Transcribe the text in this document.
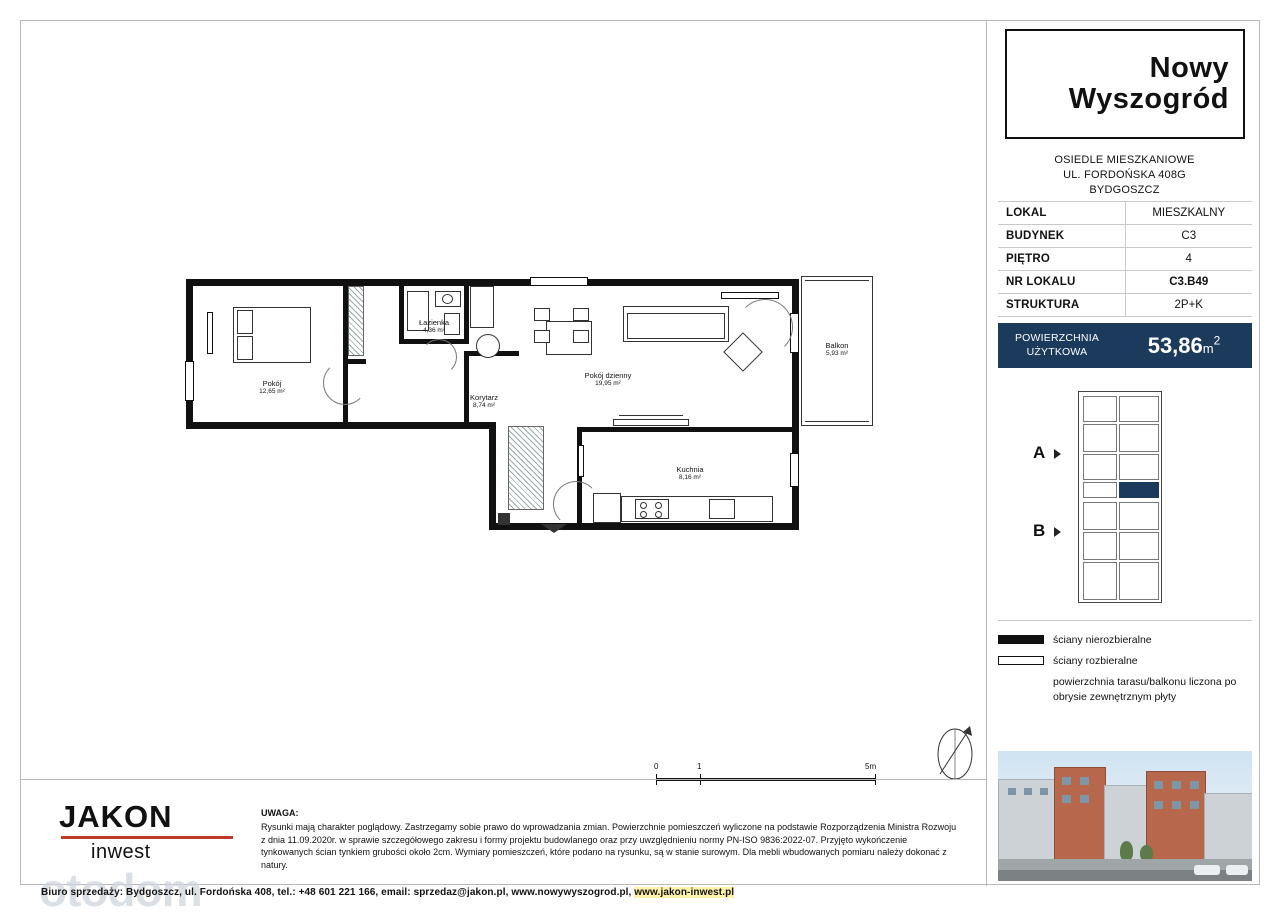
otodom
Pokój
12,65 m²
Łazienka
4,36 m²
Korytarz
8,74 m²
Pokój dzienny
19,95 m²
Kuchnia
8,16 m²
Balkon
5,93 m²
0	1	5m
JAKON
inwest
UWAGA:
Rysunki mają charakter poglądowy. Zastrzegamy sobie prawo do wprowadzania zmian. Powierzchnie pomieszczeń wyliczone na podstawie Rozporządzenia Ministra Rozwoju z dnia 11.09.2020r. w sprawie szczegółowego zakresu i formy projektu budowlanego oraz przy uwzględnieniu normy PN-ISO 9836:2022-07. Przyjęto wykończenie tynkowanych ścian tynkiem grubości około 2cm. Wymiary pomieszczeń, które podano na rysunku, są w stanie surowym. Dla mebli wbudowanych pomiaru należy dokonać z natury.
Nowy
Wyszogród
OSIEDLE MIESZKANIOWE
UL. FORDOŃSKA 408G
BYDGOSZCZ
LOKAL	MIESZKALNY
BUDYNEK	C3
PIĘTRO	4
NR LOKALU	C3.B49
STRUKTURA	2P+K
POWIERZCHNIA
UŻYTKOWA	$53,86m^2$
A
B
ściany nierozbieralne
ściany rozbieralne
powierzchnia tarasu/balkonu liczona po obrysie zewnętrznym płyty
Biuro sprzedaży: Bydgoszcz, ul. Fordońska 408, tel.: +48 601 221 166, email: sprzedaz@jakon.pl, www.nowywyszogrod.pl, www.jakon-inwest.pl
